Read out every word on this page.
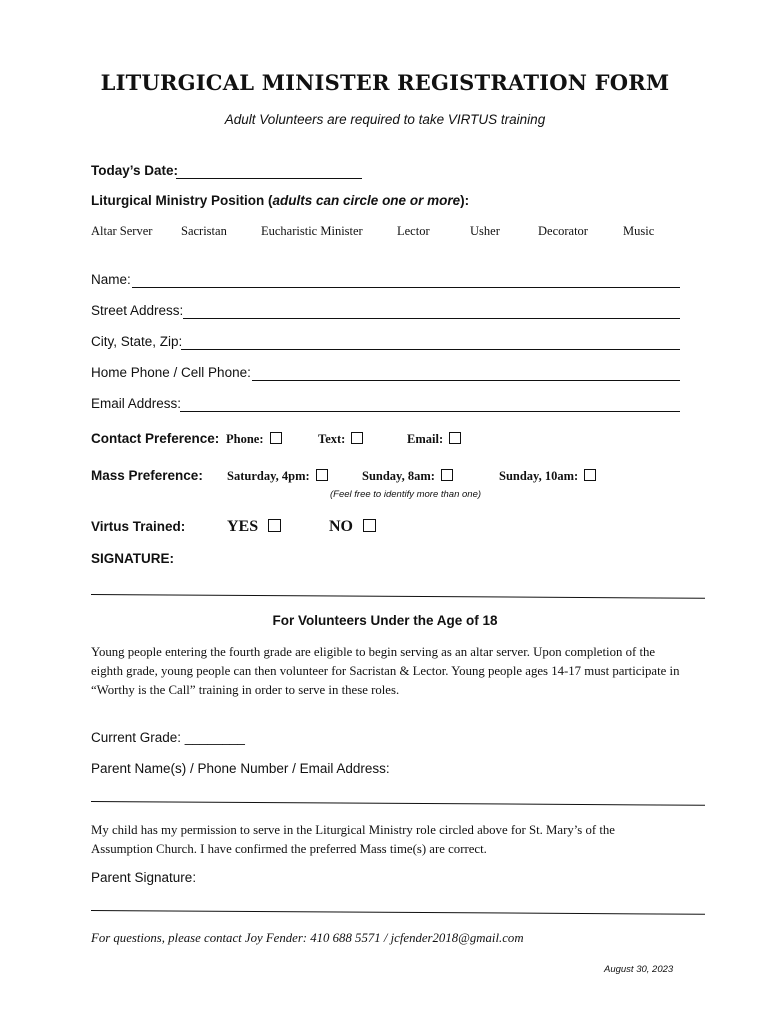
LITURGICAL MINISTER REGISTRATION FORM
Adult Volunteers are required to take VIRTUS training
Today’s Date:
Liturgical Ministry Position (adults can circle one or more):
Altar Server Sacristan	Eucharistic Minister	Lector	Usher	Decorator	Music
Name:
Street Address:
City, State, Zip:
Home Phone / Cell Phone:
Email Address:
Contact Preference: Phone:	Text:	Email:
Mass Preference: Saturday, 4pm:	Sunday, 8am:	Sunday, 10am:
(Feel free to identify more than one)
Virtus Trained:	YES	NO
SIGNATURE:
For Volunteers Under the Age of 18
Young people entering the fourth grade are eligible to begin serving as an altar server. Upon completion of the eighth grade, young people can then volunteer for Sacristan & Lector. Young people ages 14-17 must participate in “Worthy is the Call” training in order to serve in these roles.
Current Grade: ________
Parent Name(s) / Phone Number / Email Address:
My child has my permission to serve in the Liturgical Ministry role circled above for St. Mary’s of the Assumption Church. I have confirmed the preferred Mass time(s) are correct.
Parent Signature:
For questions, please contact Joy Fender: 410 688 5571 / jcfender2018@gmail.com
August 30, 2023
